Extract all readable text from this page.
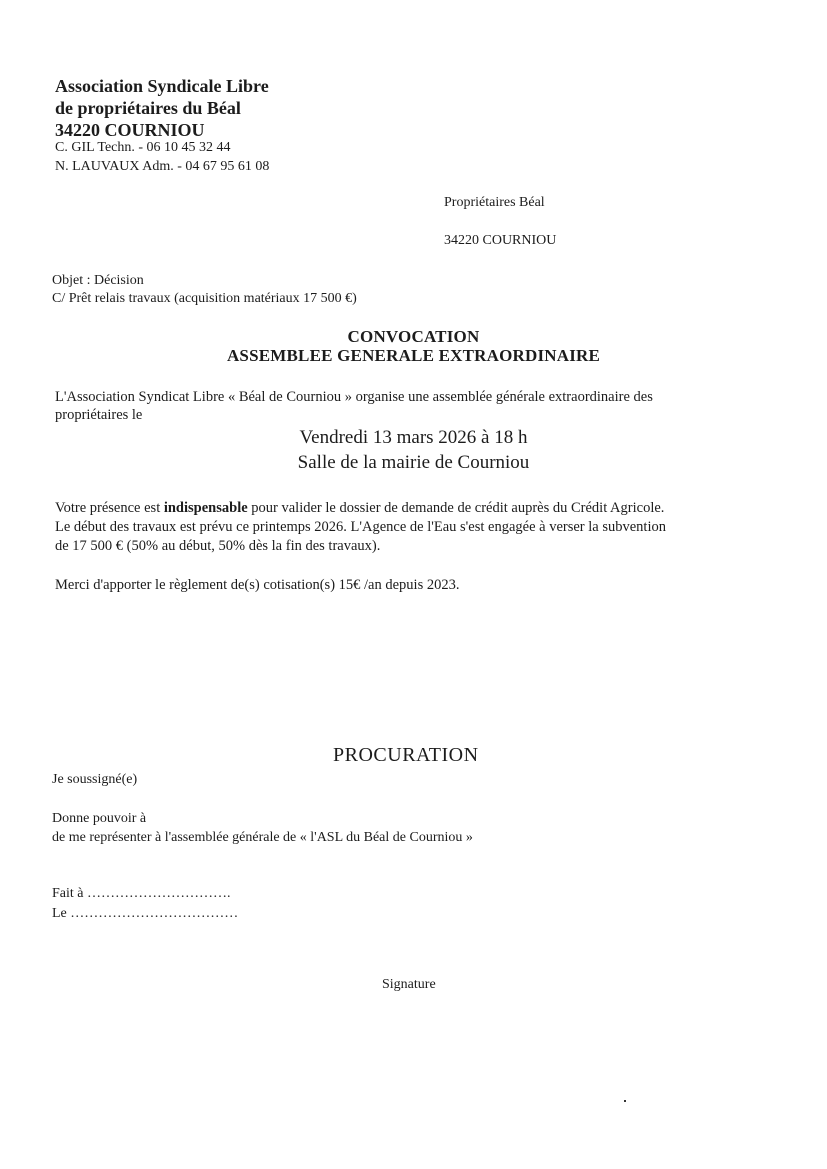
Association Syndicale Libre
de propriétaires du Béal
34220 COURNIOU
C. GIL Techn. - 06 10 45 32 44
N. LAUVAUX Adm. - 04 67 95 61 08
Propriétaires Béal
34220 COURNIOU
Objet : Décision
C/ Prêt relais travaux (acquisition matériaux 17 500 €)
CONVOCATION
ASSEMBLEE GENERALE EXTRAORDINAIRE
L'Association Syndicat Libre « Béal de Courniou » organise une assemblée générale extraordinaire des
propriétaires le
Vendredi 13 mars 2026 à 18 h
Salle de la mairie de Courniou
Votre présence est indispensable pour valider le dossier de demande de crédit auprès du Crédit Agricole.
Le début des travaux est prévu ce printemps 2026. L'Agence de l'Eau s'est engagée à verser la subvention
de 17 500 € (50% au début, 50% dès la fin des travaux).
Merci d'apporter le règlement de(s) cotisation(s) 15€ /an depuis 2023.
PROCURATION
Je soussigné(e)
Donne pouvoir à
de me représenter à l'assemblée générale de « l'ASL du Béal de Courniou »
Fait à ………………………….
Le ………………………………
Signature
